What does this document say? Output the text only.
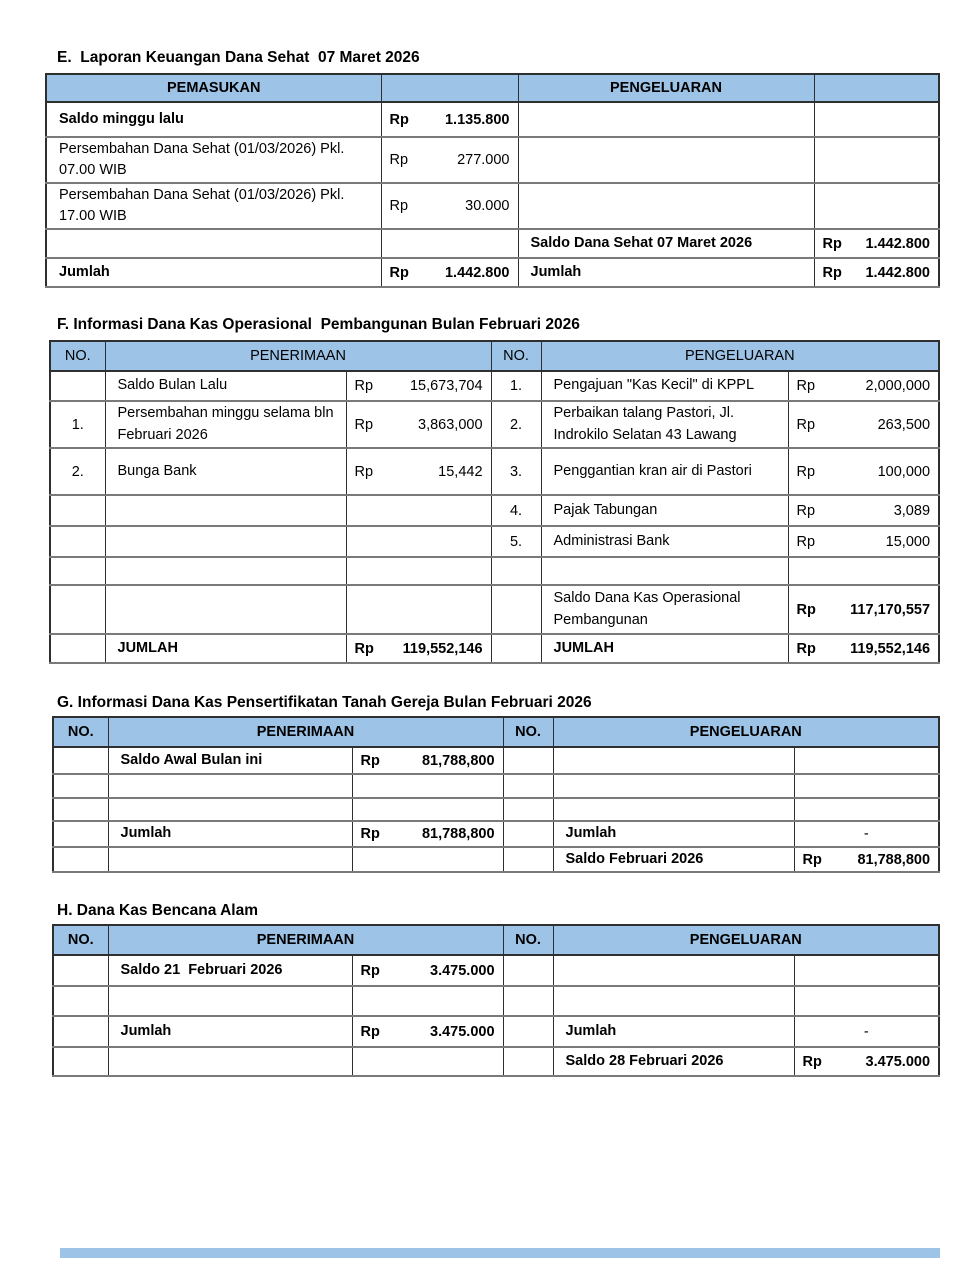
E.  Laporan Keuangan Dana Sehat  07 Maret 2026
PEMASUKAN		PENGELUARAN	
Saldo minggu lalu	Rp 1.135.800		

Persembahan Dana Sehat (01/03/2026) Pkl. 07.00 WIB	Rp 277.000		

Persembahan Dana Sehat (01/03/2026) Pkl. 17.00 WIB	Rp 30.000		

		Saldo Dana Sehat 07 Maret 2026	Rp 1.442.800

Jumlah	Rp 1.442.800	Jumlah	Rp 1.442.800
F. Informasi Dana Kas Operasional  Pembangunan Bulan Februari 2026
NO.	PENERIMAAN		NO.	PENGELUARAN	
	Saldo Bulan Lalu	Rp 15,673,704	1.	Pengajuan "Kas Kecil" di KPPL	Rp 2,000,000

1.	Persembahan minggu selama bln Februari 2026	Rp 3,863,000	2.	Perbaikan talang Pastori, Jl. Indrokilo Selatan 43 Lawang	Rp 263,500

2.	Bunga Bank	Rp 15,442	3.	Penggantian kran air di Pastori	Rp 100,000

			4.	Pajak Tabungan	Rp 3,089

			5.	Administrasi Bank	Rp 15,000

				Saldo Dana Kas Operasional Pembangunan	Rp 117,170,557

	JUMLAH	Rp 119,552,146		JUMLAH	Rp 119,552,146
G. Informasi Dana Kas Pensertifikatan Tanah Gereja Bulan Februari 2026
NO.	PENERIMAAN		NO.	PENGELUARAN	
	Saldo Awal Bulan ini	Rp 81,788,800			

	Jumlah	Rp 81,788,800		Jumlah	-

				Saldo Februari 2026	Rp 81,788,800
H. Dana Kas Bencana Alam
NO.	PENERIMAAN		NO.	PENGELUARAN	
	Saldo 21  Februari 2026	Rp 3.475.000			

	Jumlah	Rp 3.475.000		Jumlah	-

				Saldo 28 Februari 2026	Rp 3.475.000
